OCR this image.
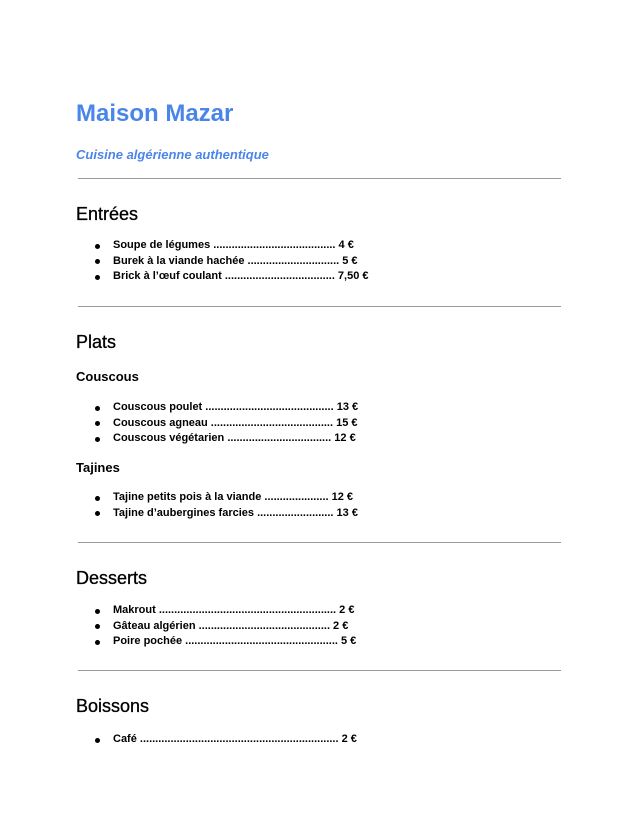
Maison Mazar
Cuisine algérienne authentique
Entrées
Soupe de légumes ........................................ 4 €
Burek à la viande hachée .............................. 5 €
Brick à l’œuf coulant .................................... 7,50 €
Plats
Couscous
Couscous poulet .......................................... 13 €
Couscous agneau ........................................ 15 €
Couscous végétarien .................................. 12 €
Tajines
Tajine petits pois à la viande ..................... 12 €
Tajine d’aubergines farcies ......................... 13 €
Desserts
Makrout .......................................................... 2 €
Gâteau algérien ........................................... 2 €
Poire pochée .................................................. 5 €
Boissons
Café ................................................................. 2 €
